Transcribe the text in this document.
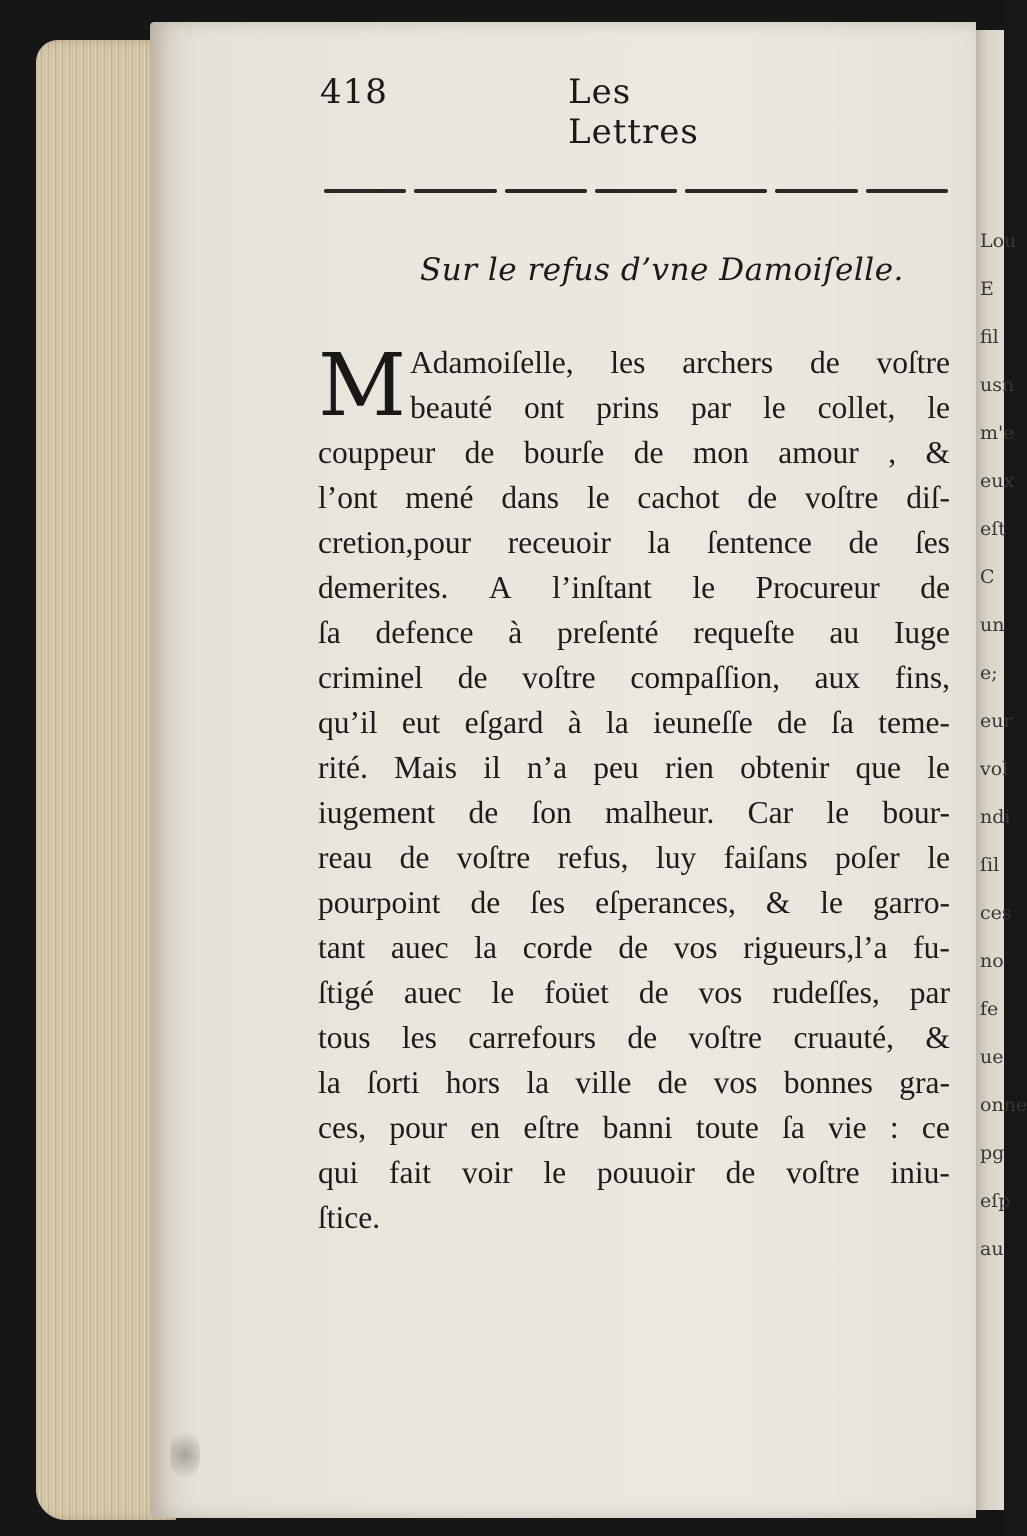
Lou
E
fil
usn
m'e
eux
eſt
C
un
e;
eur
vol
ndi
ſil
ces
no
fe
ue
onne
pg
eſp
au
418	Les Lettres
Sur le refus d’vne Damoiſelle.
M Adamoiſelle, les archers de voſtre
beauté ont prins par le collet, le
couppeur de bourſe de mon amour , &
l’ont mené dans le cachot de voſtre diſ-
cretion,pour receuoir la ſentence de ſes
demerites. A l’inſtant le Procureur de
ſa defence à preſenté requeſte au Iuge
criminel de voſtre compaſſion, aux fins,
qu’il eut eſgard à la ieuneſſe de ſa teme-
rité. Mais il n’a peu rien obtenir que le
iugement de ſon malheur. Car le bour-
reau de voſtre refus, luy faiſans poſer le
pourpoint de ſes eſperances, & le garro-
tant auec la corde de vos rigueurs,l’a fu-
ſtigé auec le foüet de vos rudeſſes, par
tous les carrefours de voſtre cruauté, &
la ſorti hors la ville de vos bonnes gra-
ces, pour en eſtre banni toute ſa vie : ce
qui fait voir le pouuoir de voſtre iniu-
ſtice.
